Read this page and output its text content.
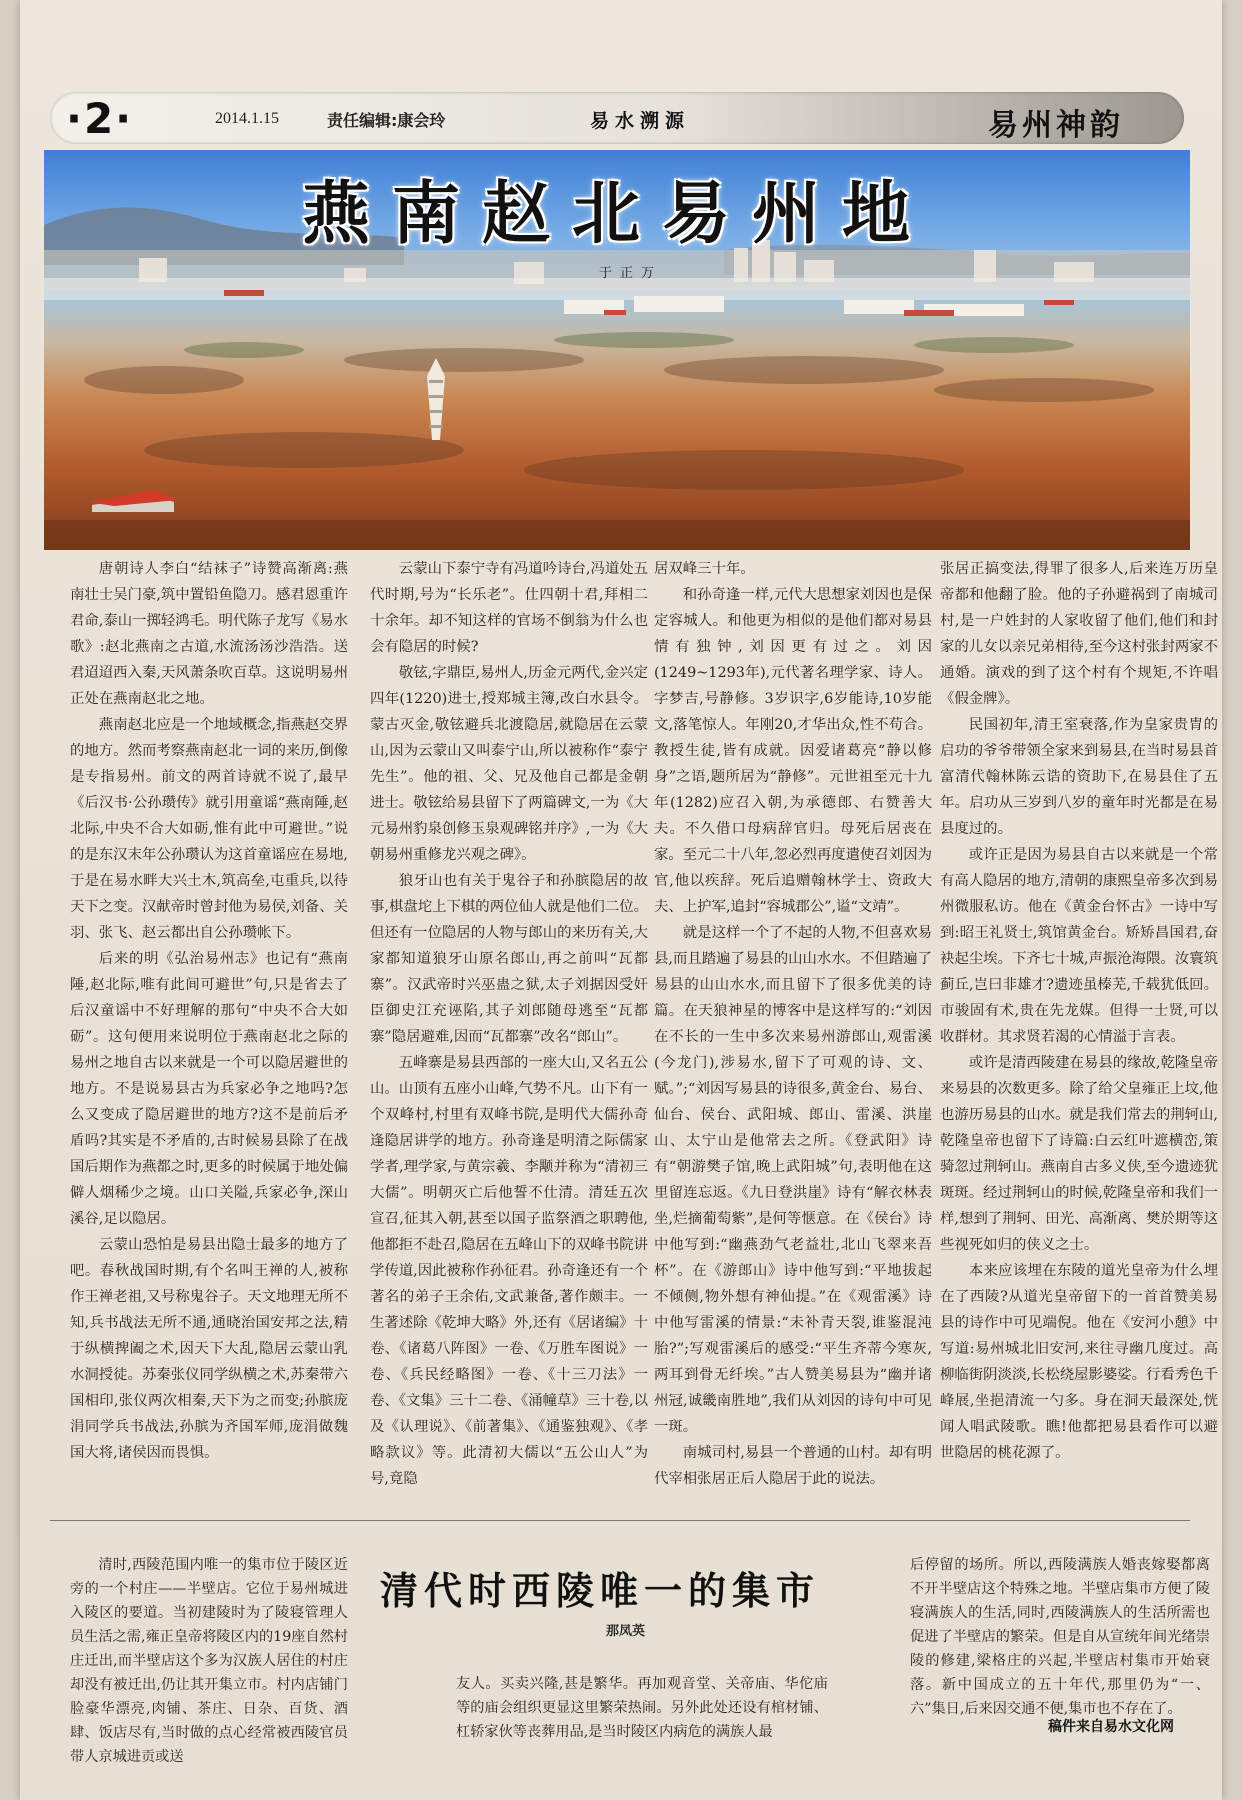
·2·	2014.1.15	责任编辑:康会玲	易水溯源	易州神韵
燕南赵北易州地
于正万

唐朝诗人李白“结袜子”诗赞高渐离:燕南壮士吴门豪,筑中置铅鱼隐刀。感君恩重许君命,泰山一掷轻鸿毛。明代陈子龙写《易水歌》:赵北燕南之古道,水流汤汤沙浩浩。送君迢迢西入秦,天风萧条吹百草。这说明易州正处在燕南赵北之地。

燕南赵北应是一个地域概念,指燕赵交界的地方。然而考察燕南赵北一词的来历,倒像是专指易州。前文的两首诗就不说了,最早《后汉书·公孙瓒传》就引用童谣“燕南陲,赵北际,中央不合大如砺,惟有此中可避世。”说的是东汉末年公孙瓒认为这首童谣应在易地,于是在易水畔大兴土木,筑高垒,屯重兵,以待天下之变。汉献帝时曾封他为易侯,刘备、关羽、张飞、赵云都出自公孙瓒帐下。

后来的明《弘治易州志》也记有“燕南陲,赵北际,唯有此间可避世”句,只是省去了后汉童谣中不好理解的那句“中央不合大如砺”。这句便用来说明位于燕南赵北之际的易州之地自古以来就是一个可以隐居避世的地方。不是说易县古为兵家必争之地吗?怎么又变成了隐居避世的地方?这不是前后矛盾吗?其实是不矛盾的,古时候易县除了在战国后期作为燕都之时,更多的时候属于地处偏僻人烟稀少之境。山口关隘,兵家必争,深山溪谷,足以隐居。

云蒙山恐怕是易县出隐士最多的地方了吧。春秋战国时期,有个名叫王禅的人,被称作王禅老祖,又号称鬼谷子。天文地理无所不知,兵书战法无所不通,通晓治国安邦之法,精于纵横捭阖之术,因天下大乱,隐居云蒙山乳水洞授徒。苏秦张仪同学纵横之术,苏秦带六国相印,张仪两次相秦,天下为之而变;孙膑庞涓同学兵书战法,孙膑为齐国军师,庞涓做魏国大将,诸侯因而畏惧。

云蒙山下泰宁寺有冯道吟诗台,冯道处五代时期,号为“长乐老”。仕四朝十君,拜相二十余年。却不知这样的官场不倒翁为什么也会有隐居的时候?

敬铉,字鼎臣,易州人,历金元两代,金兴定四年(1220)进士,授郑城主簿,改白水县令。蒙古灭金,敬铉避兵北渡隐居,就隐居在云蒙山,因为云蒙山又叫泰宁山,所以被称作“泰宁先生”。他的祖、父、兄及他自己都是金朝进士。敬铉给易县留下了两篇碑文,一为《大元易州豹泉创修玉泉观碑铭并序》,一为《大朝易州重修龙兴观之碑》。

狼牙山也有关于鬼谷子和孙膑隐居的故事,棋盘坨上下棋的两位仙人就是他们二位。但还有一位隐居的人物与郎山的来历有关,大家都知道狼牙山原名郎山,再之前叫“瓦都寨”。汉武帝时兴巫蛊之狱,太子刘据因受奸臣御史江充诬陷,其子刘郎随母逃至“瓦都寨”隐居避难,因而“瓦都寨”改名“郎山”。

五峰寨是易县西部的一座大山,又名五公山。山顶有五座小山峰,气势不凡。山下有一个双峰村,村里有双峰书院,是明代大儒孙奇逢隐居讲学的地方。孙奇逢是明清之际儒家学者,理学家,与黄宗羲、李颙并称为“清初三大儒”。明朝灭亡后他誓不仕清。清廷五次宣召,征其入朝,甚至以国子监祭酒之职聘他,他都拒不赴召,隐居在五峰山下的双峰书院讲学传道,因此被称作孙征君。孙奇逢还有一个著名的弟子王余佑,文武兼备,著作颇丰。一生著述除《乾坤大略》外,还有《居诸编》十卷、《诸葛八阵图》一卷、《万胜车图说》一卷、《兵民经略图》一卷、《十三刀法》一卷、《文集》三十二卷、《涌幢草》三十卷,以及《认理说》、《前著集》、《通鉴独观》、《孝略款议》等。此清初大儒以“五公山人”为号,竟隐

居双峰三十年。

和孙奇逢一样,元代大思想家刘因也是保定容城人。和他更为相似的是他们都对易县情有独钟,刘因更有过之。刘因(1249~1293年),元代著名理学家、诗人。字梦吉,号静修。3岁识字,6岁能诗,10岁能文,落笔惊人。年刚20,才华出众,性不苟合。教授生徒,皆有成就。因爱诸葛亮“静以修身”之语,题所居为“静修”。元世祖至元十九年(1282)应召入朝,为承德郎、右赞善大夫。不久借口母病辞官归。母死后居丧在家。至元二十八年,忽必烈再度遣使召刘因为官,他以疾辞。死后追赠翰林学士、资政大夫、上护军,追封“容城郡公”,谥“文靖”。

就是这样一个了不起的人物,不但喜欢易县,而且踏遍了易县的山山水水。不但踏遍了易县的山山水水,而且留下了很多优美的诗篇。在天狼神星的博客中是这样写的:“刘因在不长的一生中多次来易州游郎山,观雷溪(今龙门),涉易水,留下了可观的诗、文、赋。”;“刘因写易县的诗很多,黄金台、易台、仙台、侯台、武阳城、郎山、雷溪、洪崖山、太宁山是他常去之所。《登武阳》诗有“朝游樊子馆,晚上武阳城”句,表明他在这里留连忘返。《九日登洪崖》诗有“解衣林表坐,烂摘葡萄紫”,是何等惬意。在《侯台》诗中他写到:“幽燕劲气老益壮,北山飞翠来吾杯”。在《游郎山》诗中他写到:“平地拔起不倾侧,物外想有神仙提。”在《观雷溪》诗中他写雷溪的情景:“未补青天裂,谁鉴混沌胎?”;写观雷溪后的感受:“平生齐蒂今寒灰,两耳到骨无纤埃。”古人赞美易县为“幽并诸州冠,诚畿南胜地”,我们从刘因的诗句中可见一斑。

南城司村,易县一个普通的山村。却有明代宰相张居正后人隐居于此的说法。

张居正搞变法,得罪了很多人,后来连万历皇帝都和他翻了脸。他的子孙避祸到了南城司村,是一户姓封的人家收留了他们,他们和封家的儿女以亲兄弟相待,至今这村张封两家不通婚。演戏的到了这个村有个规矩,不许唱《假金牌》。

民国初年,清王室衰落,作为皇家贵胄的启功的爷爷带领全家来到易县,在当时易县首富清代翰林陈云诰的资助下,在易县住了五年。启功从三岁到八岁的童年时光都是在易县度过的。

或许正是因为易县自古以来就是一个常有高人隐居的地方,清朝的康熙皇帝多次到易州微服私访。他在《黄金台怀古》一诗中写到:昭王礼贤士,筑馆黄金台。矫矫昌国君,奋袂起尘埃。下齐七十城,声振沧海隈。汝寰筑蓟丘,岂曰非雄才?遗迹虽榛芜,千载犹低回。市骏固有术,贵在先龙媒。但得一士贤,可以收群材。其求贤若渴的心情溢于言表。

或许是清西陵建在易县的缘故,乾隆皇帝来易县的次数更多。除了给父皇雍正上坟,他也游历易县的山水。就是我们常去的荆轲山,乾隆皇帝也留下了诗篇:白云红叶遮横峦,策骑忽过荆轲山。燕南自古多义侠,至今遗迹犹斑斑。经过荆轲山的时候,乾隆皇帝和我们一样,想到了荆轲、田光、高渐离、樊於期等这些视死如归的侠义之士。

本来应该埋在东陵的道光皇帝为什么埋在了西陵?从道光皇帝留下的一首首赞美易县的诗作中可见端倪。他在《安河小憩》中写道:易州城北旧安河,来往寻幽几度过。高柳临街阴淡淡,长松绕屋影婆娑。行看秀色千峰展,坐挹清流一勺多。身在洞天最深处,恍闻人唱武陵歌。瞧!他都把易县看作可以避世隐居的桃花源了。

清时,西陵范围内唯一的集市位于陵区近旁的一个村庄——半壁店。它位于易州城进入陵区的要道。当初建陵时为了陵寝管理人员生活之需,雍正皇帝将陵区内的19座自然村庄迁出,而半壁店这个多为汉族人居住的村庄却没有被迁出,仍让其开集立市。村内店铺门脸豪华漂亮,肉铺、茶庄、日杂、百货、酒肆、饭店尽有,当时做的点心经常被西陵官员带人京城进贡或送

清代时西陵唯一的集市
那凤英

友人。买卖兴隆,甚是繁华。再加观音堂、关帝庙、华佗庙等的庙会组织更显这里繁荣热闹。另外此处还设有棺材铺、杠轿家伙等丧葬用品,是当时陵区内病危的满族人最

后停留的场所。所以,西陵满族人婚丧嫁娶都离不开半壁店这个特殊之地。半壁店集市方便了陵寝满族人的生活,同时,西陵满族人的生活所需也促进了半壁店的繁荣。但是自从宣统年间光绪崇陵的修建,梁格庄的兴起,半壁店村集市开始衰落。新中国成立的五十年代,那里仍为“一、六”集日,后来因交通不便,集市也不存在了。

稿件来自易水文化网
